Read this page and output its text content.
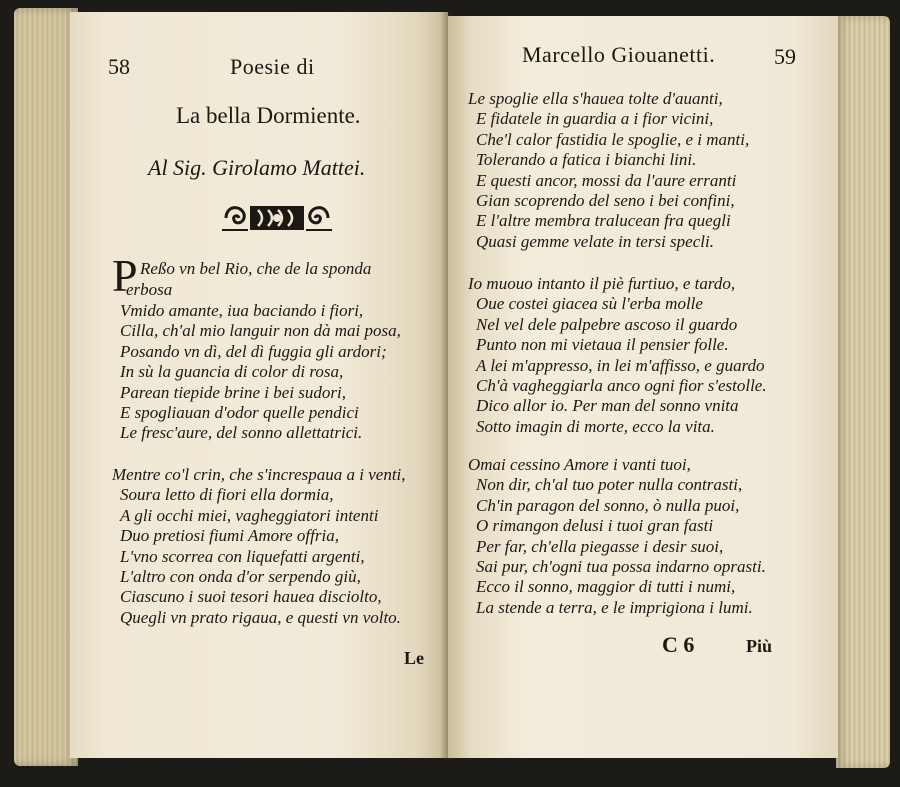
58	Poesie di
La bella Dormiente.
Al Sig. Girolamo Mattei.
P Reßo vn bel Rio, che de la sponda
erbosa
Vmido amante, iua baciando i fiori,
Cilla, ch'al mio languir non dà mai posa,
Posando vn dì, del dì fuggia gli ardori;
In sù la guancia di color di rosa,
Parean tiepide brine i bei sudori,
E spogliauan d'odor quelle pendici
Le fresc'aure, del sonno allettatrici.
Mentre co'l crin, che s'increspaua a i venti,
Soura letto di fiori ella dormia,
A gli occhi miei, vagheggiatori intenti
Duo pretiosi fiumi Amore offria,
L'vno scorrea con liquefatti argenti,
L'altro con onda d'or serpendo giù,
Ciascuno i suoi tesori hauea disciolto,
Quegli vn prato rigaua, e questi vn volto.
Le
Marcello Giouanetti.	59
Le spoglie ella s'hauea tolte d'auanti,
E fidatele in guardia a i fior vicini,
Che'l calor fastidia le spoglie, e i manti,
Tolerando a fatica i bianchi lini.
E questi ancor, mossi da l'aure erranti
Gian scoprendo del seno i bei confini,
E l'altre membra tralucean fra quegli
Quasi gemme velate in tersi specli.
Io muouo intanto il piè furtiuo, e tardo,
Oue costei giacea sù l'erba molle
Nel vel dele palpebre ascoso il guardo
Punto non mi vietaua il pensier folle.
A lei m'appresso, in lei m'affisso, e guardo
Ch'à vagheggiarla anco ogni fior s'estolle.
Dico allor io. Per man del sonno vnita
Sotto imagin di morte, ecco la vita.
Omai cessino Amore i vanti tuoi,
Non dir, ch'al tuo poter nulla contrasti,
Ch'in paragon del sonno, ò nulla puoi,
O rimangon delusi i tuoi gran fasti
Per far, ch'ella piegasse i desir suoi,
Sai pur, ch'ogni tua possa indarno oprasti.
Ecco il sonno, maggior di tutti i numi,
La stende a terra, e le imprigiona i lumi.
C 6	Più
